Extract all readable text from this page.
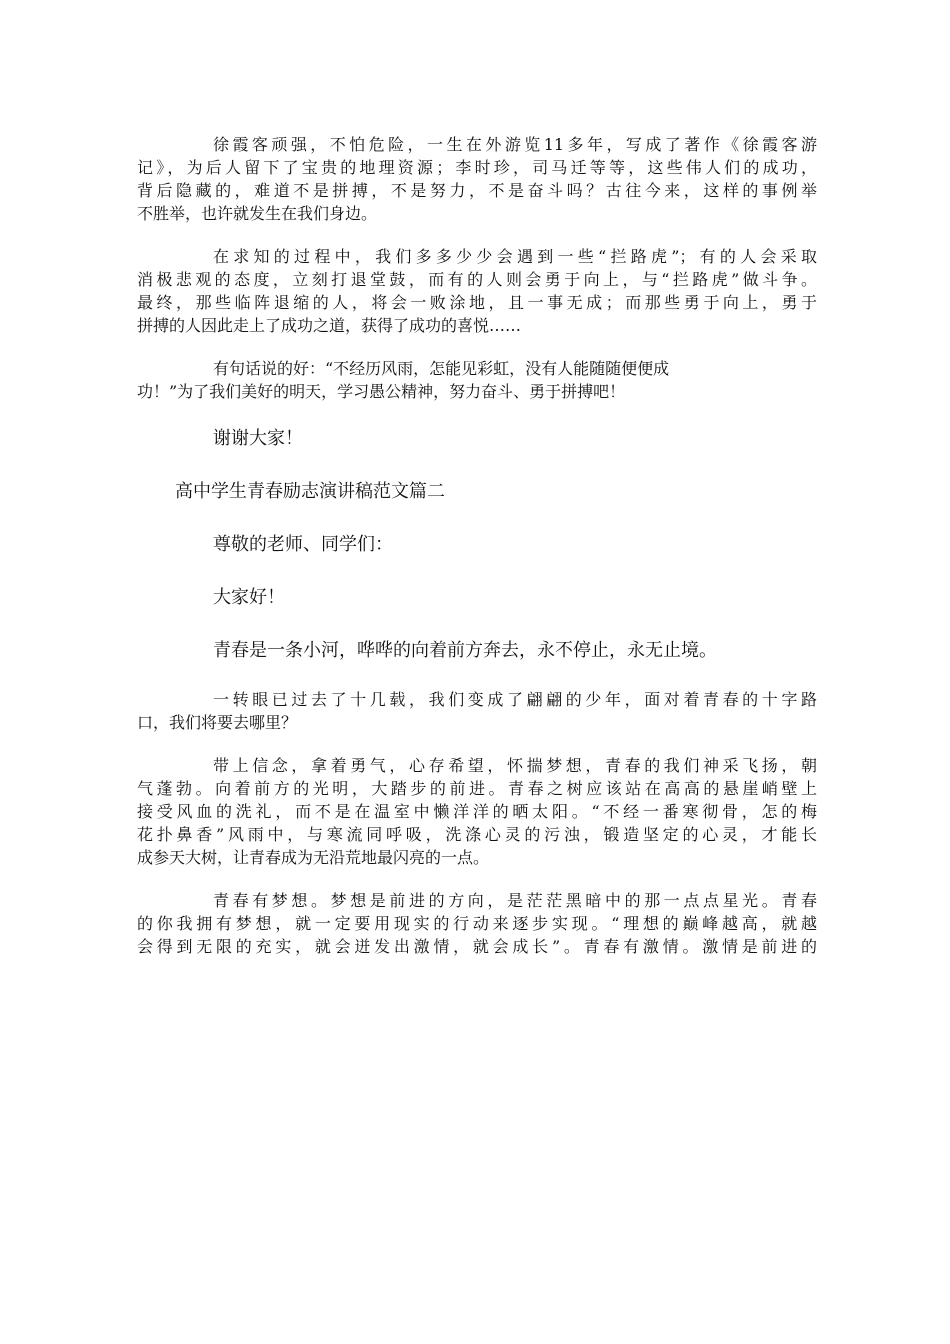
徐霞客顽强，不怕危险，一生在外游览11多年，写成了著作《徐霞客游
记》，为后人留下了宝贵的地理资源；李时珍，司马迁等等，这些伟人们的成功，
背后隐藏的，难道不是拼搏，不是努力，不是奋斗吗？古往今来，这样的事例举
不胜举，也许就发生在我们身边。
在求知的过程中，我们多多少少会遇到一些“拦路虎”；有的人会采取
消极悲观的态度，立刻打退堂鼓，而有的人则会勇于向上，与“拦路虎”做斗争。
最终，那些临阵退缩的人，将会一败涂地，且一事无成；而那些勇于向上，勇于
拼搏的人因此走上了成功之道，获得了成功的喜悦……
有句话说的好：“不经历风雨，怎能见彩虹，没有人能随随便便成
功！”为了我们美好的明天，学习愚公精神，努力奋斗、勇于拼搏吧！
谢谢大家！
高中学生青春励志演讲稿范文篇二
尊敬的老师、同学们：
大家好！
青春是一条小河，哗哗的向着前方奔去，永不停止，永无止境。
一转眼已过去了十几载，我们变成了翩翩的少年，面对着青春的十字路
口，我们将要去哪里？
带上信念，拿着勇气，心存希望，怀揣梦想，青春的我们神采飞扬，朝
气蓬勃。向着前方的光明，大踏步的前进。青春之树应该站在高高的悬崖峭壁上
接受风血的洗礼，而不是在温室中懒洋洋的晒太阳。“不经一番寒彻骨，怎的梅
花扑鼻香”风雨中，与寒流同呼吸，洗涤心灵的污浊，锻造坚定的心灵，才能长
成参天大树，让青春成为无沿荒地最闪亮的一点。
青春有梦想。梦想是前进的方向，是茫茫黑暗中的那一点点星光。青春
的你我拥有梦想，就一定要用现实的行动来逐步实现。“理想的巅峰越高，就越
会得到无限的充实，就会迸发出激情，就会成长”。青春有激情。激情是前进的
